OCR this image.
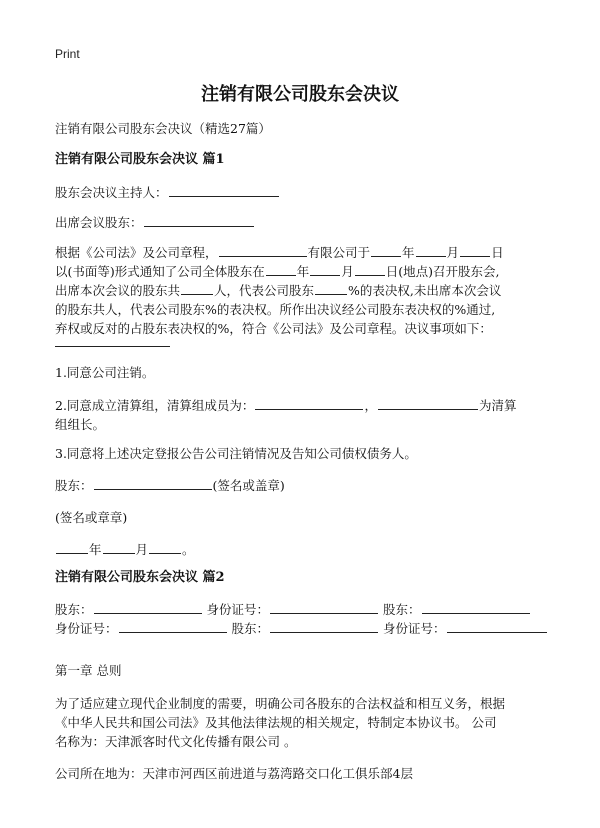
Print
注销有限公司股东会决议
注销有限公司股东会决议（精选27篇）
注销有限公司股东会决议 篇1
股东会决议主持人：
出席会议股东：
根据《公司法》及公司章程，	有限公司于	年	月	日
以(书面等)形式通知了公司全体股东在	年	月	日(地点)召开股东会,
出席本次会议的股东共	人，代表公司股东	%的表决权,未出席本次会议
的股东共人，代表公司股东%的表决权。所作出决议经公司股东表决权的%通过,
弃权或反对的占股东表决权的%，符合《公司法》及公司章程。决议事项如下：
1.同意公司注销。
2.同意成立清算组，清算组成员为：	，	为清算
组组长。
3.同意将上述决定登报公告公司注销情况及告知公司债权债务人。
股东：	(签名或盖章)
(签名或章章)
年	月	。
注销有限公司股东会决议 篇2
股东：	身份证号：	股东：
身份证号：	股东：	身份证号：
第一章 总则
为了适应建立现代企业制度的需要，明确公司各股东的合法权益和相互义务，根据
《中华人民共和国公司法》及其他法律法规的相关规定，特制定本协议书。 公司
名称为：天津派客时代文化传播有限公司 。
公司所在地为：天津市河西区前进道与荔湾路交口化工俱乐部4层
